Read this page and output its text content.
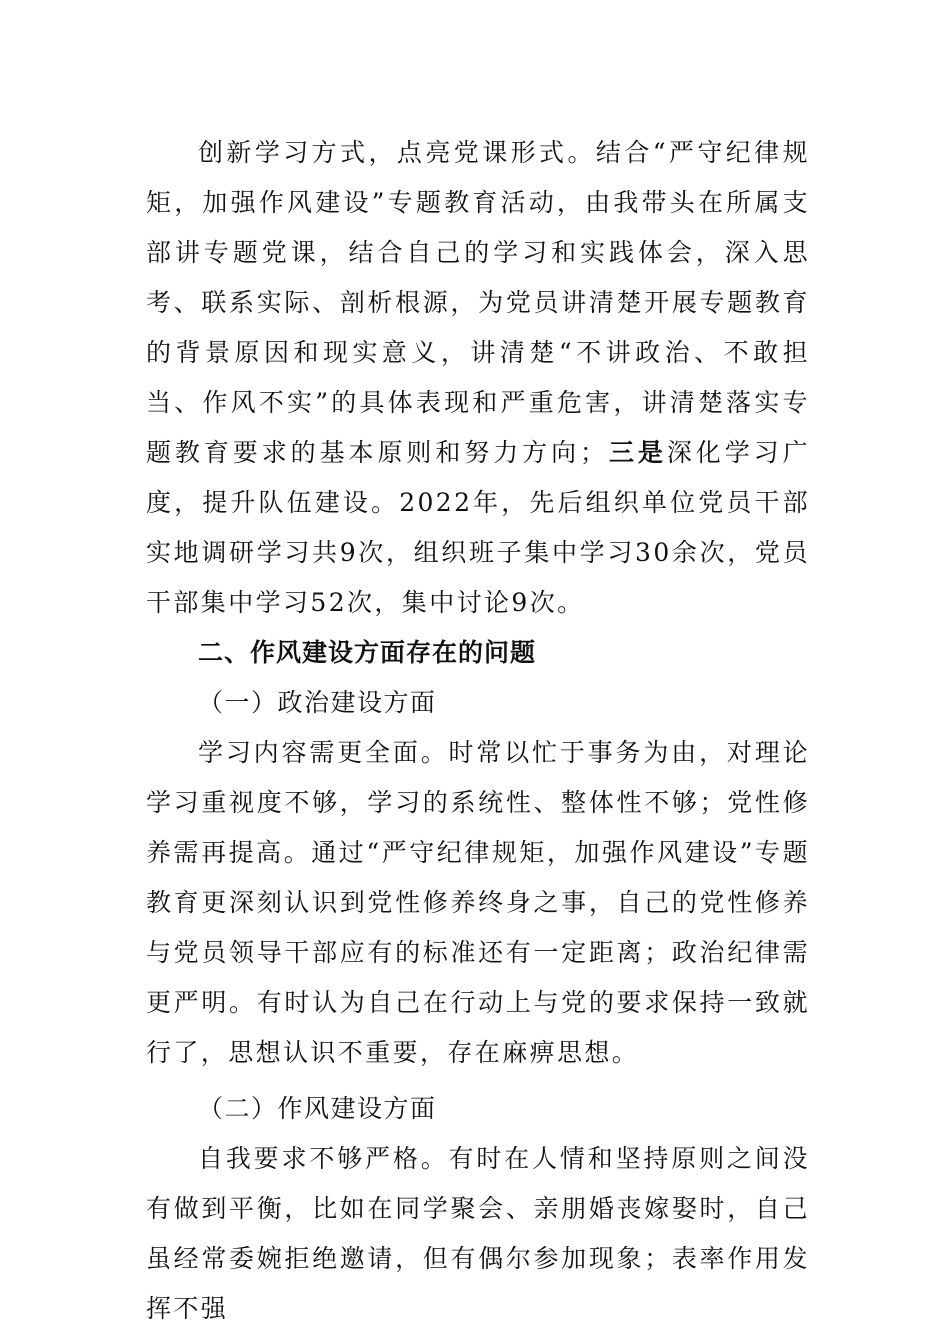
创新学习方式，点亮党课形式。结合“严守纪律规矩，加强作风建设”专题教育活动，由我带头在所属支部讲专题党课，结合自己的学习和实践体会，深入思考、联系实际、剖析根源，为党员讲清楚开展专题教育的背景原因和现实意义，讲清楚“不讲政治、不敢担当、作风不实”的具体表现和严重危害，讲清楚落实专题教育要求的基本原则和努力方向；三是深化学习广度，提升队伍建设。2022年，先后组织单位党员干部实地调研学习共9次，组织班子集中学习30余次，党员干部集中学习52次，集中讨论9次。

二、作风建设方面存在的问题

（一）政治建设方面

学习内容需更全面。时常以忙于事务为由，对理论学习重视度不够，学习的系统性、整体性不够；党性修养需再提高。通过“严守纪律规矩，加强作风建设”专题教育更深刻认识到党性修养终身之事，自己的党性修养与党员领导干部应有的标准还有一定距离；政治纪律需更严明。有时认为自己在行动上与党的要求保持一致就行了，思想认识不重要，存在麻痹思想。

（二）作风建设方面

自我要求不够严格。有时在人情和坚持原则之间没有做到平衡，比如在同学聚会、亲朋婚丧嫁娶时，自己虽经常委婉拒绝邀请，但有偶尔参加现象；表率作用发挥不强
